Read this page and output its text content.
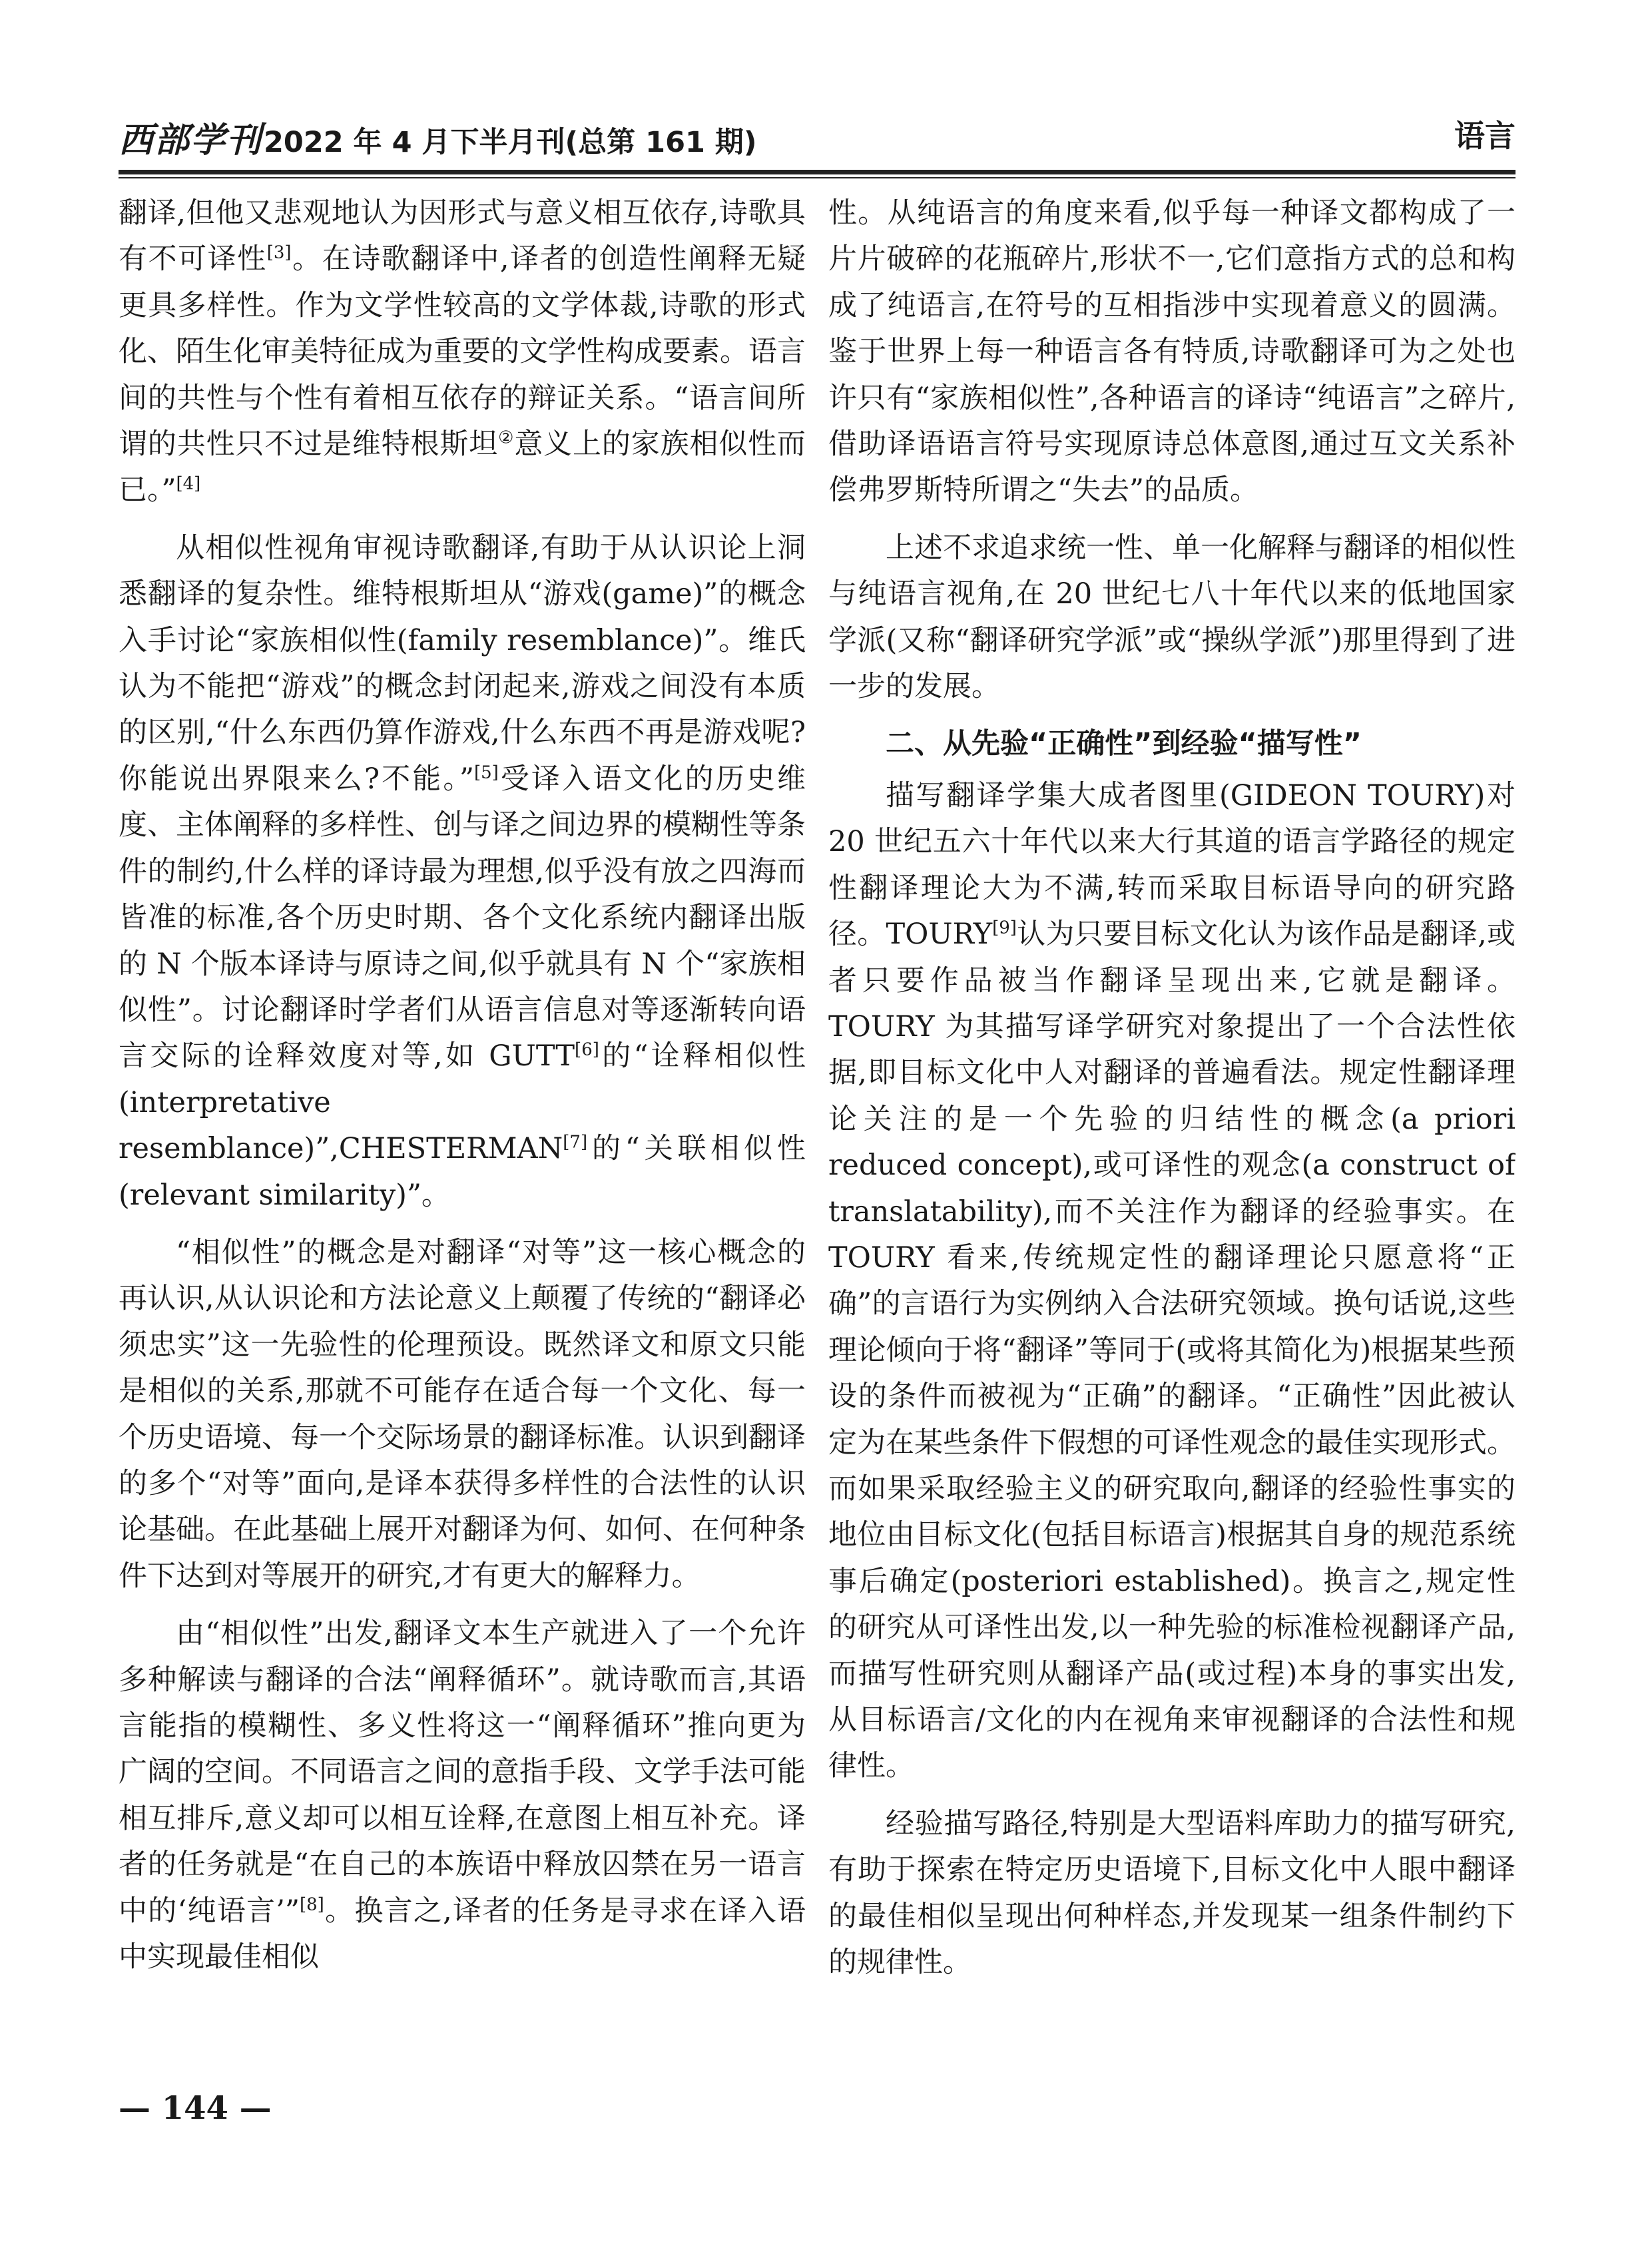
西部学刊 2022 年 4 月下半月刊(总第 161 期)	语言

翻译,但他又悲观地认为因形式与意义相互依存,诗歌具有不可译性[3]。在诗歌翻译中,译者的创造性阐释无疑更具多样性。作为文学性较高的文学体裁,诗歌的形式化、陌生化审美特征成为重要的文学性构成要素。语言间的共性与个性有着相互依存的辩证关系。“语言间所谓的共性只不过是维特根斯坦②意义上的家族相似性而已。”[4]

从相似性视角审视诗歌翻译,有助于从认识论上洞悉翻译的复杂性。维特根斯坦从“游戏(game)”的概念入手讨论“家族相似性(family resemblance)”。维氏认为不能把“游戏”的概念封闭起来,游戏之间没有本质的区别,“什么东西仍算作游戏,什么东西不再是游戏呢?你能说出界限来么?不能。”[5]受译入语文化的历史维度、主体阐释的多样性、创与译之间边界的模糊性等条件的制约,什么样的译诗最为理想,似乎没有放之四海而皆准的标准,各个历史时期、各个文化系统内翻译出版的 N 个版本译诗与原诗之间,似乎就具有 N 个“家族相似性”。讨论翻译时学者们从语言信息对等逐渐转向语言交际的诠释效度对等,如 GUTT[6]的“诠释相似性(interpretative resemblance)”,CHESTERMAN[7]的“关联相似性(relevant similarity)”。

“相似性”的概念是对翻译“对等”这一核心概念的再认识,从认识论和方法论意义上颠覆了传统的“翻译必须忠实”这一先验性的伦理预设。既然译文和原文只能是相似的关系,那就不可能存在适合每一个文化、每一个历史语境、每一个交际场景的翻译标准。认识到翻译的多个“对等”面向,是译本获得多样性的合法性的认识论基础。在此基础上展开对翻译为何、如何、在何种条件下达到对等展开的研究,才有更大的解释力。

由“相似性”出发,翻译文本生产就进入了一个允许多种解读与翻译的合法“阐释循环”。就诗歌而言,其语言能指的模糊性、多义性将这一“阐释循环”推向更为广阔的空间。不同语言之间的意指手段、文学手法可能相互排斥,意义却可以相互诠释,在意图上相互补充。译者的任务就是“在自己的本族语中释放囚禁在另一语言中的‘纯语言’”[8]。换言之,译者的任务是寻求在译入语中实现最佳相似

性。从纯语言的角度来看,似乎每一种译文都构成了一片片破碎的花瓶碎片,形状不一,它们意指方式的总和构成了纯语言,在符号的互相指涉中实现着意义的圆满。鉴于世界上每一种语言各有特质,诗歌翻译可为之处也许只有“家族相似性”,各种语言的译诗“纯语言”之碎片,借助译语语言符号实现原诗总体意图,通过互文关系补偿弗罗斯特所谓之“失去”的品质。

上述不求追求统一性、单一化解释与翻译的相似性与纯语言视角,在 20 世纪七八十年代以来的低地国家学派(又称“翻译研究学派”或“操纵学派”)那里得到了进一步的发展。

二、从先验“正确性”到经验“描写性”

描写翻译学集大成者图里(GIDEON TOURY)对 20 世纪五六十年代以来大行其道的语言学路径的规定性翻译理论大为不满,转而采取目标语导向的研究路径。TOURY[9]认为只要目标文化认为该作品是翻译,或者只要作品被当作翻译呈现出来,它就是翻译。TOURY 为其描写译学研究对象提出了一个合法性依据,即目标文化中人对翻译的普遍看法。规定性翻译理论关注的是一个先验的归结性的概念(a priori reduced concept),或可译性的观念(a construct of translatability),而不关注作为翻译的经验事实。在 TOURY 看来,传统规定性的翻译理论只愿意将“正确”的言语行为实例纳入合法研究领域。换句话说,这些理论倾向于将“翻译”等同于(或将其简化为)根据某些预设的条件而被视为“正确”的翻译。“正确性”因此被认定为在某些条件下假想的可译性观念的最佳实现形式。而如果采取经验主义的研究取向,翻译的经验性事实的地位由目标文化(包括目标语言)根据其自身的规范系统事后确定(posteriori established)。换言之,规定性的研究从可译性出发,以一种先验的标准检视翻译产品,而描写性研究则从翻译产品(或过程)本身的事实出发,从目标语言/文化的内在视角来审视翻译的合法性和规律性。

经验描写路径,特别是大型语料库助力的描写研究,有助于探索在特定历史语境下,目标文化中人眼中翻译的最佳相似呈现出何种样态,并发现某一组条件制约下的规律性。

— 144 —
